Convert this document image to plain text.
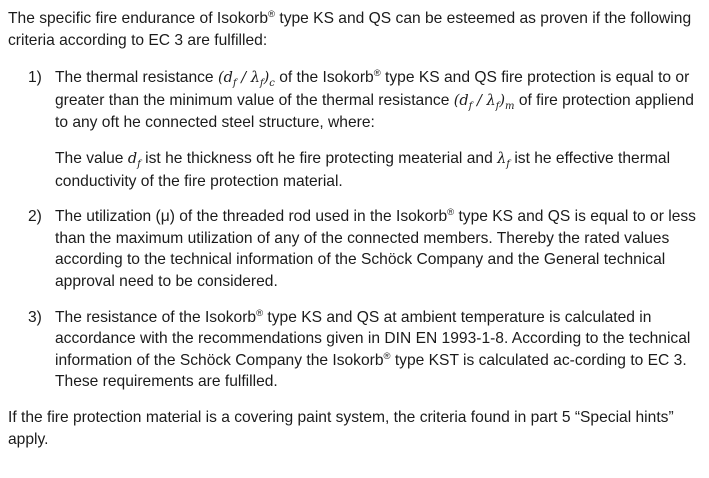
The specific fire endurance of Isokorb® type KS and QS can be esteemed as proven if the following criteria according to EC 3 are fulfilled:

1) The thermal resistance $(d_f / \lambda_f)_c$ of the Isokorb® type KS and QS fire protection is equal to or greater than the minimum value of the thermal resistance $(d_f / \lambda_f)_m$ of fire protection appliend to any oft he connected steel structure, where:

The value $d_f$ ist he thickness oft he fire protecting meaterial and $\lambda_f$ ist he effective thermal conductivity of the fire protection material.

2) The utilization (μ) of the threaded rod used in the Isokorb® type KS and QS is equal to or less than the maximum utilization of any of the connected members. Thereby the rated values according to the technical information of the Schöck Company and the General technical approval need to be considered.

3) The resistance of the Isokorb® type KS and QS at ambient temperature is calculated in accordance with the recommendations given in DIN EN 1993-1-8. According to the technical information of the Schöck Company the Isokorb® type KST is calculated ac-cording to EC 3. These requirements are fulfilled.

If the fire protection material is a covering paint system, the criteria found in part 5 “Special hints” apply.
